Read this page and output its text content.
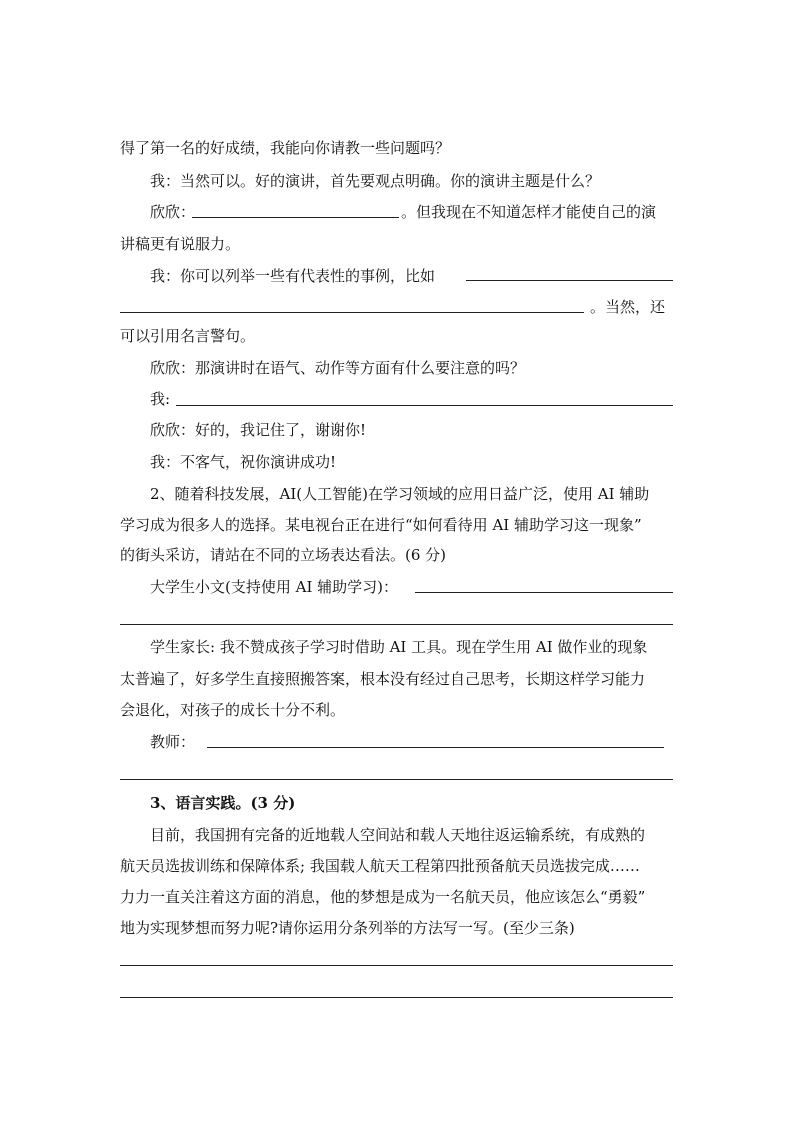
得了第一名的好成绩，我能向你请教一些问题吗？
我：当然可以。好的演讲，首先要观点明确。你的演讲主题是什么？
欣欣：	。但我现在不知道怎样才能使自己的演
讲稿更有说服力。
我：你可以列举一些有代表性的事例，比如
。当然，还
可以引用名言警句。
欣欣：那演讲时在语气、动作等方面有什么要注意的吗？
我:
欣欣：好的，我记住了，谢谢你!
我：不客气，祝你演讲成功!
2、随着科技发展，AI(人工智能)在学习领域的应用日益广泛，使用 AI 辅助
学习成为很多人的选择。某电视台正在进行“如何看待用 AI 辅助学习这一现象”
的街头采访，请站在不同的立场表达看法。(6 分)
大学生小文(支持使用 AI 辅助学习)：
学生家长: 我不赞成孩子学习时借助 AI 工具。现在学生用 AI 做作业的现象
太普遍了，好多学生直接照搬答案，根本没有经过自己思考，长期这样学习能力
会退化，对孩子的成长十分不利。
教师：
3、语言实践。(3 分)
目前，我国拥有完备的近地载人空间站和载人天地往返运输系统，有成熟的
航天员选拔训练和保障体系; 我国载人航天工程第四批预备航天员选拔完成……
力力一直关注着这方面的消息，他的梦想是成为一名航天员，他应该怎么“勇毅”
地为实现梦想而努力呢?请你运用分条列举的方法写一写。(至少三条)
